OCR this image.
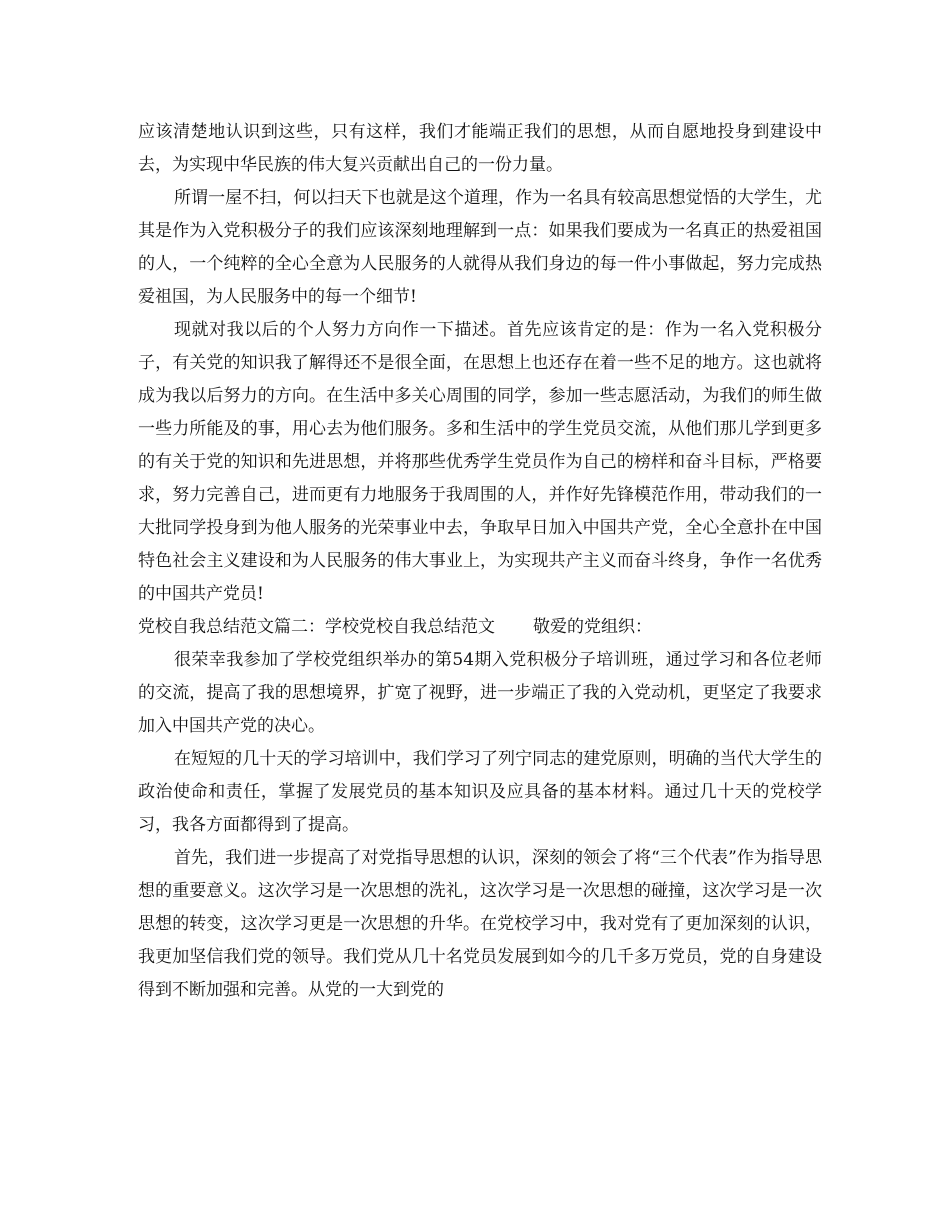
应该清楚地认识到这些，只有这样，我们才能端正我们的思想，从而自愿地投身到建设中去，为实现中华民族的伟大复兴贡献出自己的一份力量。

所谓一屋不扫，何以扫天下也就是这个道理，作为一名具有较高思想觉悟的大学生，尤其是作为入党积极分子的我们应该深刻地理解到一点：如果我们要成为一名真正的热爱祖国的人，一个纯粹的全心全意为人民服务的人就得从我们身边的每一件小事做起，努力完成热爱祖国，为人民服务中的每一个细节!

现就对我以后的个人努力方向作一下描述。首先应该肯定的是：作为一名入党积极分子，有关党的知识我了解得还不是很全面，在思想上也还存在着一些不足的地方。这也就将成为我以后努力的方向。在生活中多关心周围的同学，参加一些志愿活动，为我们的师生做一些力所能及的事，用心去为他们服务。多和生活中的学生党员交流，从他们那儿学到更多的有关于党的知识和先进思想，并将那些优秀学生党员作为自己的榜样和奋斗目标，严格要求，努力完善自己，进而更有力地服务于我周围的人，并作好先锋模范作用，带动我们的一大批同学投身到为他人服务的光荣事业中去，争取早日加入中国共产党，全心全意扑在中国特色社会主义建设和为人民服务的伟大事业上，为实现共产主义而奋斗终身，争作一名优秀的中国共产党员!

党校自我总结范文篇二：学校党校自我总结范文 敬爱的党组织：

很荣幸我参加了学校党组织举办的第54期入党积极分子培训班，通过学习和各位老师的交流，提高了我的思想境界，扩宽了视野，进一步端正了我的入党动机，更坚定了我要求加入中国共产党的决心。

在短短的几十天的学习培训中，我们学习了列宁同志的建党原则，明确的当代大学生的政治使命和责任，掌握了发展党员的基本知识及应具备的基本材料。通过几十天的党校学习，我各方面都得到了提高。

首先，我们进一步提高了对党指导思想的认识，深刻的领会了将“三个代表”作为指导思想的重要意义。这次学习是一次思想的洗礼，这次学习是一次思想的碰撞，这次学习是一次思想的转变，这次学习更是一次思想的升华。在党校学习中，我对党有了更加深刻的认识，我更加坚信我们党的领导。我们党从几十名党员发展到如今的几千多万党员，党的自身建设得到不断加强和完善。从党的一大到党的
